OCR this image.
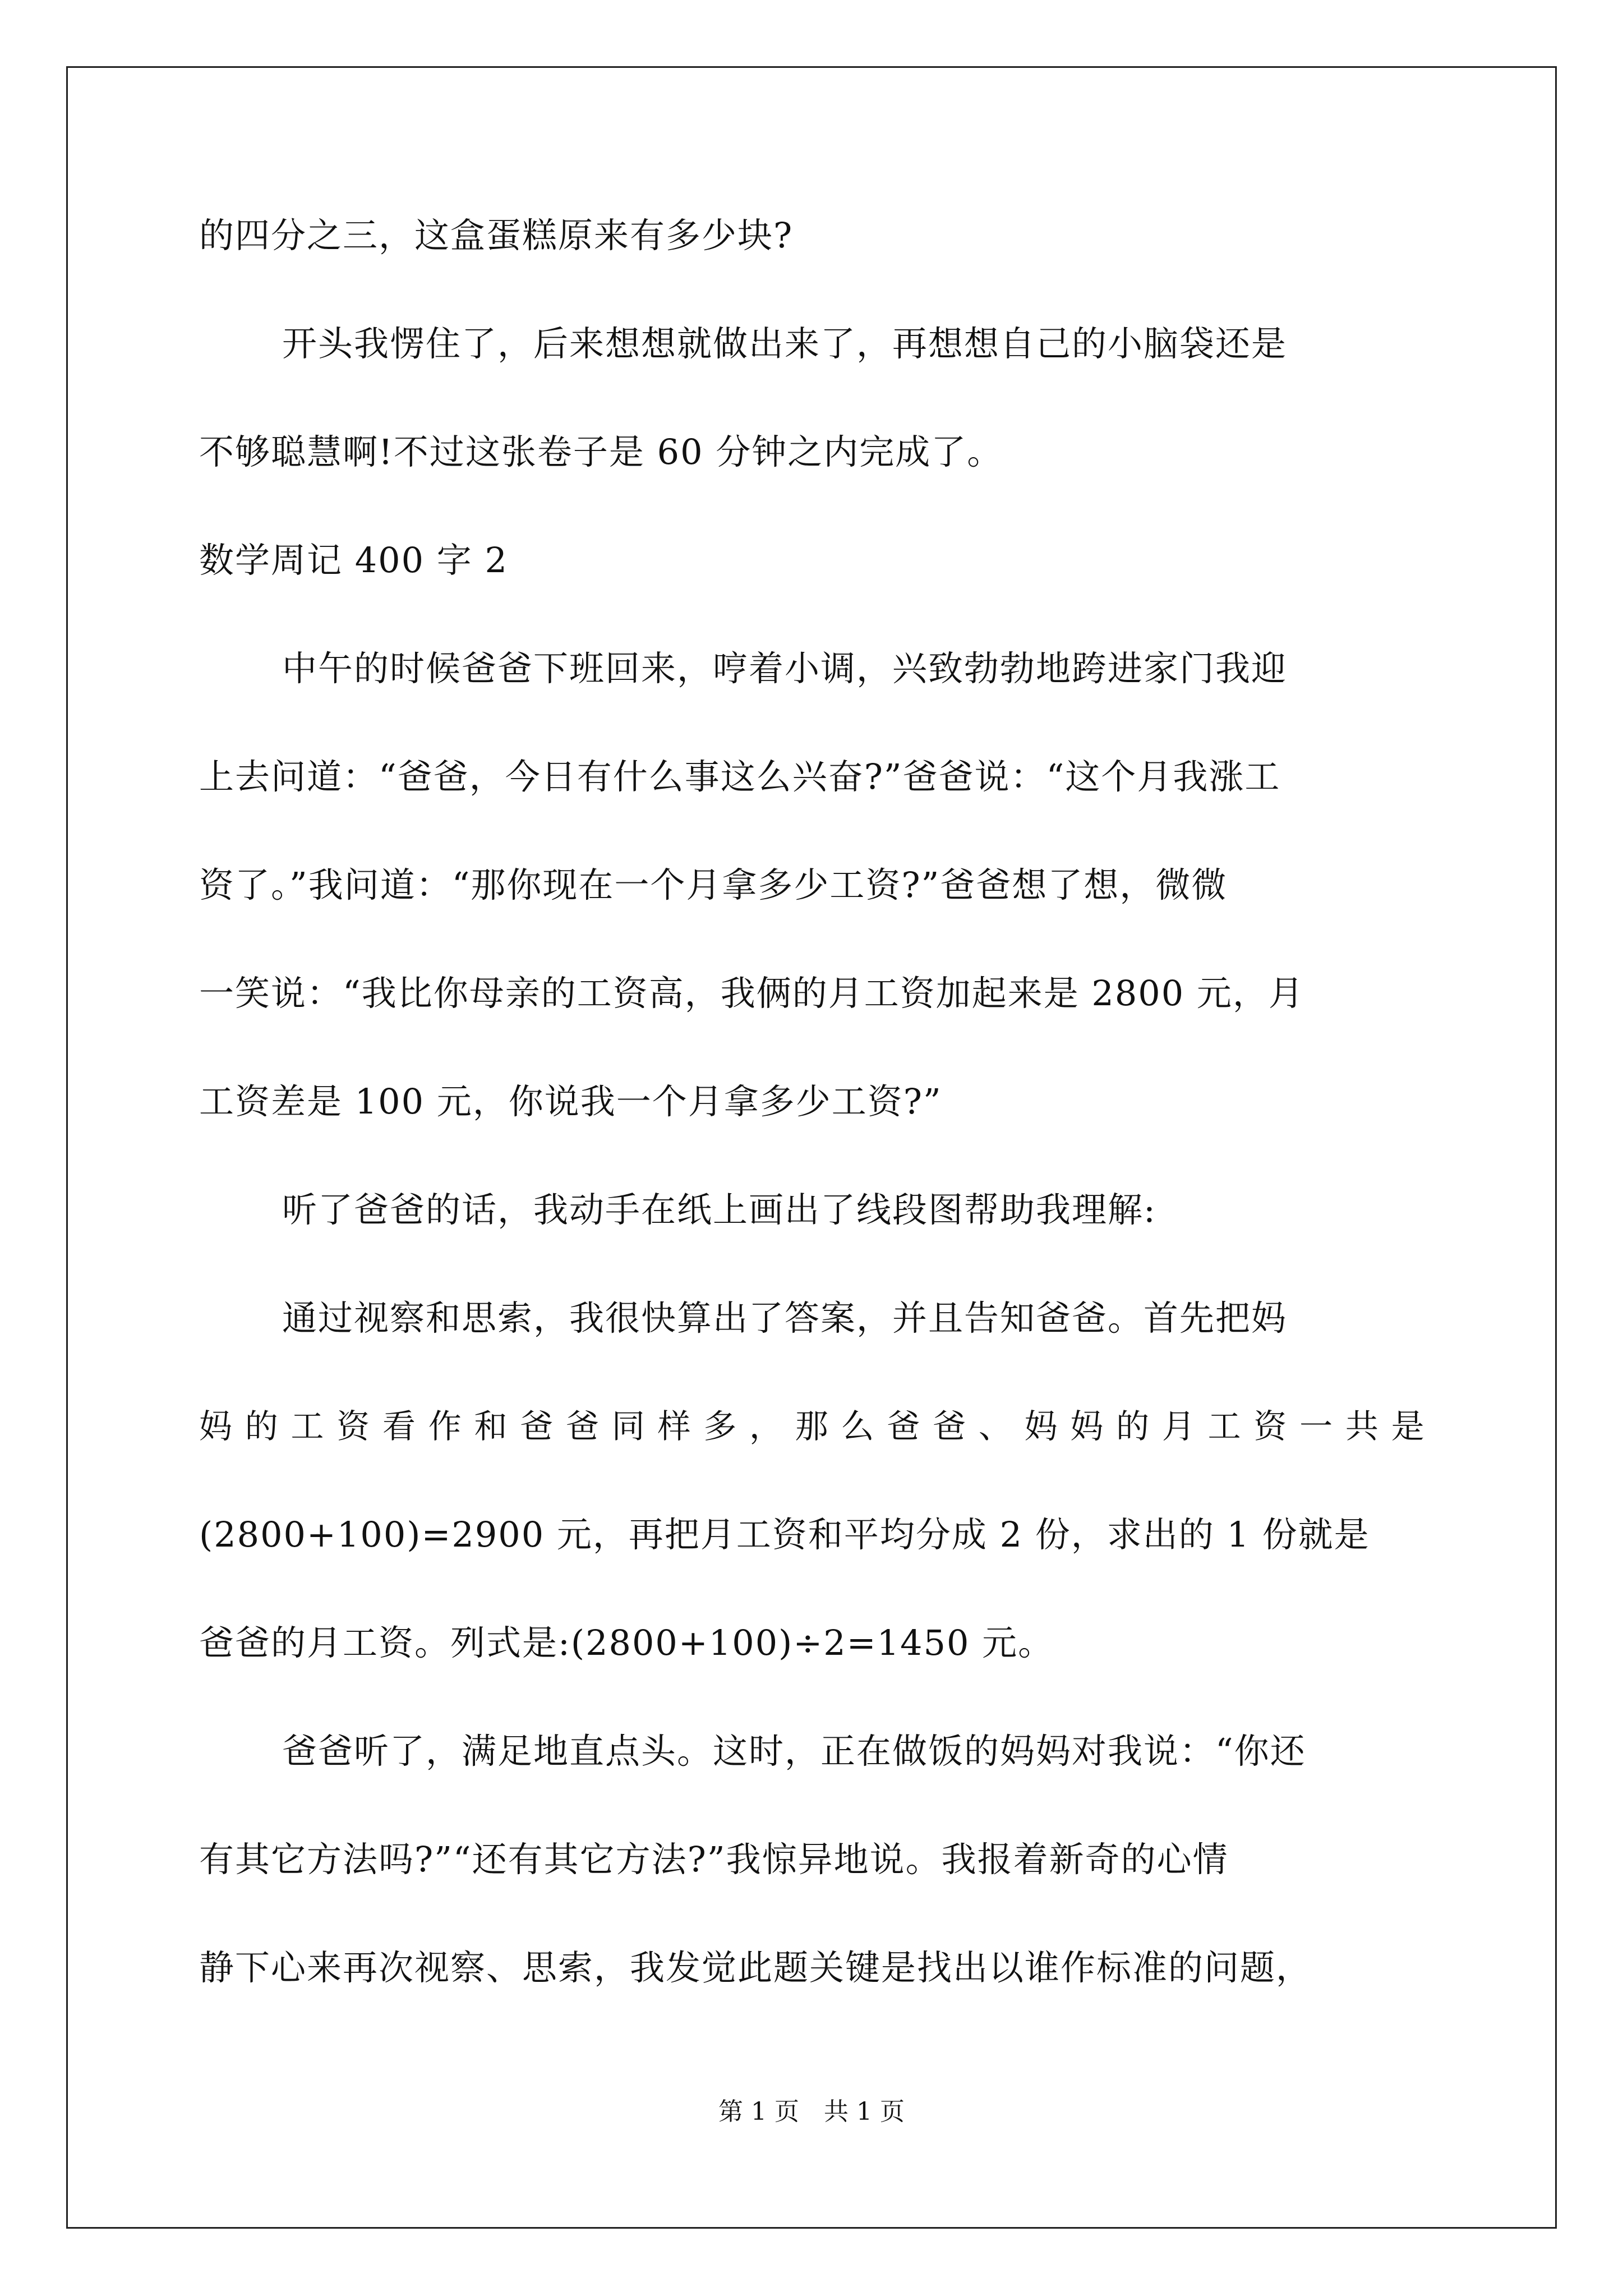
的四分之三，这盒蛋糕原来有多少块?
开头我愣住了，后来想想就做出来了，再想想自己的小脑袋还是
不够聪慧啊!不过这张卷子是 60 分钟之内完成了。
数学周记 400 字 2
中午的时候爸爸下班回来，哼着小调，兴致勃勃地跨进家门我迎
上去问道：“爸爸，今日有什么事这么兴奋?”爸爸说：“这个月我涨工
资了。”我问道：“那你现在一个月拿多少工资?”爸爸想了想，微微
一笑说：“我比你母亲的工资高，我俩的月工资加起来是 2800 元，月
工资差是 100 元，你说我一个月拿多少工资?”
听了爸爸的话，我动手在纸上画出了线段图帮助我理解:
通过视察和思索，我很快算出了答案，并且告知爸爸。首先把妈
妈 的 工 资 看 作 和 爸 爸 同 样 多 ， 那 么 爸 爸 、 妈 妈 的 月 工 资 一 共 是
(2800+100)=2900 元，再把月工资和平均分成 2 份，求出的 1 份就是
爸爸的月工资。列式是:(2800+100)÷2=1450 元。
爸爸听了，满足地直点头。这时，正在做饭的妈妈对我说：“你还
有其它方法吗?”“还有其它方法?”我惊异地说。我报着新奇的心情
静下心来再次视察、思索，我发觉此题关键是找出以谁作标准的问题，
第 1 页　共 1 页
